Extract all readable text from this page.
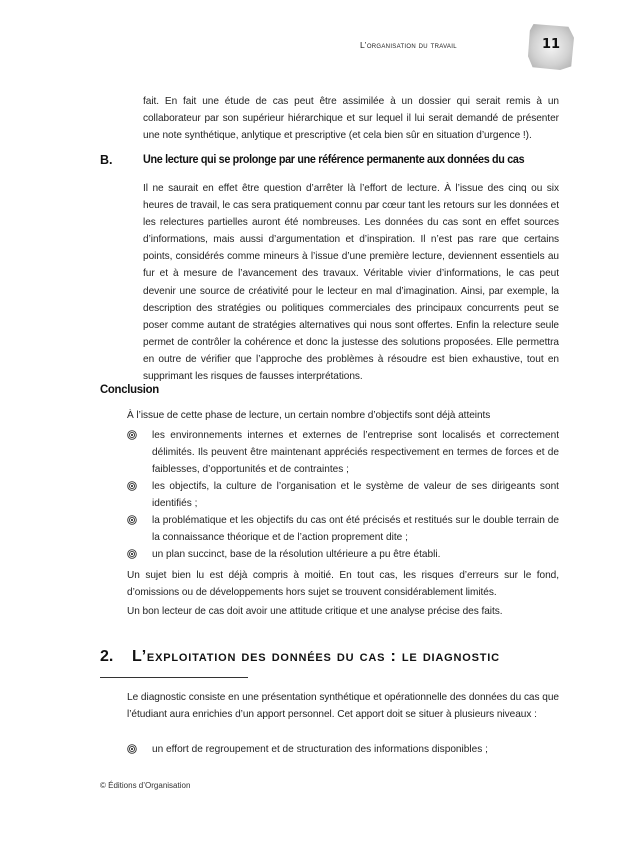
L’organisation du travail	11
fait. En fait une étude de cas peut être assimilée à un dossier qui serait remis à un collaborateur par son supérieur hiérarchique et sur lequel il lui serait demandé de présenter une note synthétique, anlytique et prescriptive (et cela bien sûr en situation d’urgence !).
B.	Une lecture qui se prolonge par une référence permanente aux données du cas
Il ne saurait en effet être question d’arrêter là l’effort de lecture. À l’issue des cinq ou six heures de travail, le cas sera pratiquement connu par cœur tant les retours sur les données et les relectures partielles auront été nombreuses. Les données du cas sont en effet sources d’informations, mais aussi d’argumentation et d’inspiration. Il n’est pas rare que certains points, considérés comme mineurs à l’issue d’une première lecture, deviennent essentiels au fur et à mesure de l’avancement des travaux. Véritable vivier d’informations, le cas peut devenir une source de créativité pour le lecteur en mal d’imagination. Ainsi, par exemple, la description des stratégies ou politiques commerciales des principaux concurrents peut se poser comme autant de stratégies alternatives qui nous sont offertes. Enfin la relecture seule permet de contrôler la cohérence et donc la justesse des solutions proposées. Elle permettra en outre de vérifier que l’approche des problèmes à résoudre est bien exhaustive, tout en supprimant les risques de fausses interprétations.
Conclusion
À l’issue de cette phase de lecture, un certain nombre d’objectifs sont déjà atteints
les environnements internes et externes de l’entreprise sont localisés et correctement délimités. Ils peuvent être maintenant appréciés respectivement en termes de forces et de faiblesses, d’opportunités et de contraintes ;
les objectifs, la culture de l’organisation et le système de valeur de ses dirigeants sont identifiés ;
la problématique et les objectifs du cas ont été précisés et restitués sur le double terrain de la connaissance théorique et de l’action proprement dite ;
un plan succinct, base de la résolution ultérieure a pu être établi.
Un sujet bien lu est déjà compris à moitié. En tout cas, les risques d’erreurs sur le fond, d’omissions ou de développements hors sujet se trouvent considérablement limités.
Un bon lecteur de cas doit avoir une attitude critique et une analyse précise des faits.
2. L’exploitation des données du cas : le diagnostic
Le diagnostic consiste en une présentation synthétique et opérationnelle des données du cas que l’étudiant aura enrichies d’un apport personnel. Cet apport doit se situer à plusieurs niveaux :
un effort de regroupement et de structuration des informations disponibles ;
© Éditions d’Organisation
